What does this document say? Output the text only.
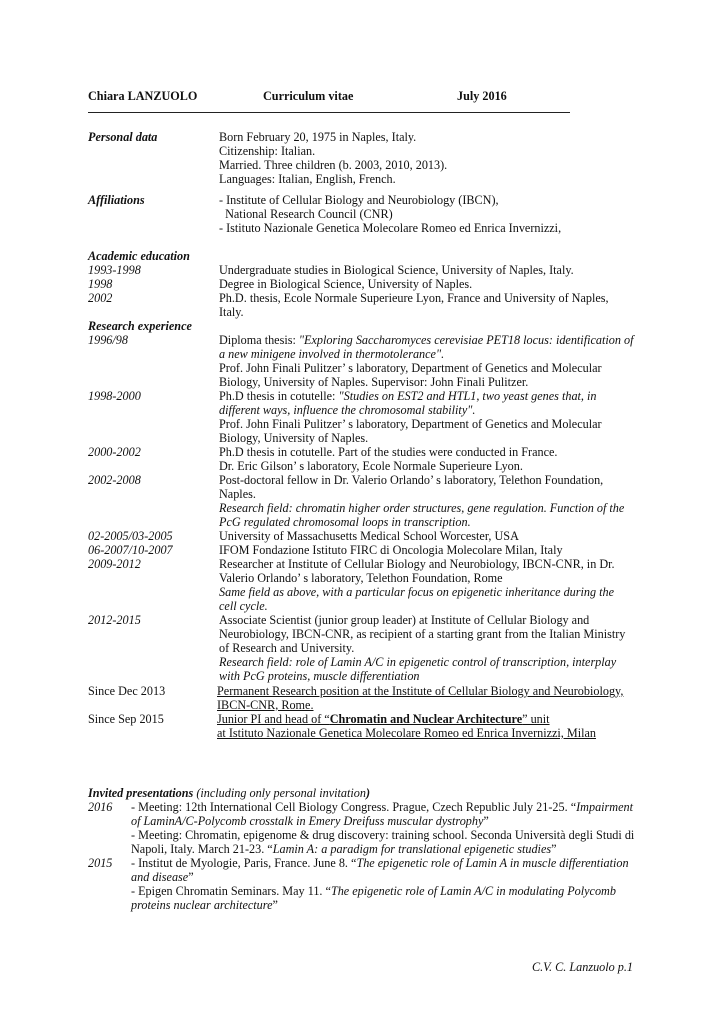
Chiara LANZUOLO	Curriculum vitae	July 2016
Personal data	Born February 20, 1975 in Naples, Italy.
Citizenship: Italian.
Married. Three children (b. 2003, 2010, 2013).
Languages: Italian, English, French.
Affiliations	- Institute of Cellular Biology and Neurobiology (IBCN),
National Research Council (CNR)
- Istituto Nazionale Genetica Molecolare Romeo ed Enrica Invernizzi,
Academic education
1993-1998	Undergraduate studies in Biological Science, University of Naples, Italy.
1998	Degree in Biological Science, University of Naples.
2002	Ph.D. thesis, Ecole Normale Superieure Lyon, France and University of Naples,
Italy.
Research experience
1996/98	Diploma thesis: "Exploring Saccharomyces cerevisiae PET18 locus: identification of
a new minigene involved in thermotolerance".
Prof. John Finali Pulitzer’ s laboratory, Department of Genetics and Molecular
Biology, University of Naples. Supervisor: John Finali Pulitzer.
1998-2000	Ph.D thesis in cotutelle: "Studies on EST2 and HTL1, two yeast genes that, in
different ways, influence the chromosomal stability".
Prof. John Finali Pulitzer’ s laboratory, Department of Genetics and Molecular
Biology, University of Naples.
2000-2002	Ph.D thesis in cotutelle. Part of the studies were conducted in France.
Dr. Eric Gilson’ s laboratory, Ecole Normale Superieure Lyon.
2002-2008	Post-doctoral fellow in Dr. Valerio Orlando’ s laboratory, Telethon Foundation,
Naples.
Research field: chromatin higher order structures, gene regulation. Function of the
PcG regulated chromosomal loops in transcription.
02-2005/03-2005	University of Massachusetts Medical School Worcester, USA
06-2007/10-2007	IFOM Fondazione Istituto FIRC di Oncologia Molecolare Milan, Italy
2009-2012	Researcher at Institute of Cellular Biology and Neurobiology, IBCN-CNR, in Dr.
Valerio Orlando’ s laboratory, Telethon Foundation, Rome
Same field as above, with a particular focus on epigenetic inheritance during the
cell cycle.
2012-2015	Associate Scientist (junior group leader) at Institute of Cellular Biology and
Neurobiology, IBCN-CNR, as recipient of a starting grant from the Italian Ministry
of Research and University.
Research field: role of Lamin A/C in epigenetic control of transcription, interplay
with PcG proteins, muscle differentiation
Since Dec 2013	Permanent Research position at the Institute of Cellular Biology and Neurobiology,
IBCN-CNR, Rome.
Since Sep 2015	Junior PI and head of “Chromatin and Nuclear Architecture” unit
at Istituto Nazionale Genetica Molecolare Romeo ed Enrica Invernizzi, Milan
Invited presentations (including only personal invitation)
2016 - Meeting: 12th International Cell Biology Congress. Prague, Czech Republic July 21-25. “Impairment
of LaminA/C-Polycomb crosstalk in Emery Dreifuss muscular dystrophy”
- Meeting: Chromatin, epigenome & drug discovery: training school. Seconda Università degli Studi di
Napoli, Italy. March 21-23. “Lamin A: a paradigm for translational epigenetic studies”
2015 - Institut de Myologie, Paris, France. June 8. “The epigenetic role of Lamin A in muscle differentiation
and disease”
- Epigen Chromatin Seminars. May 11. “The epigenetic role of Lamin A/C in modulating Polycomb
proteins nuclear architecture”
C.V. C. Lanzuolo p.1
